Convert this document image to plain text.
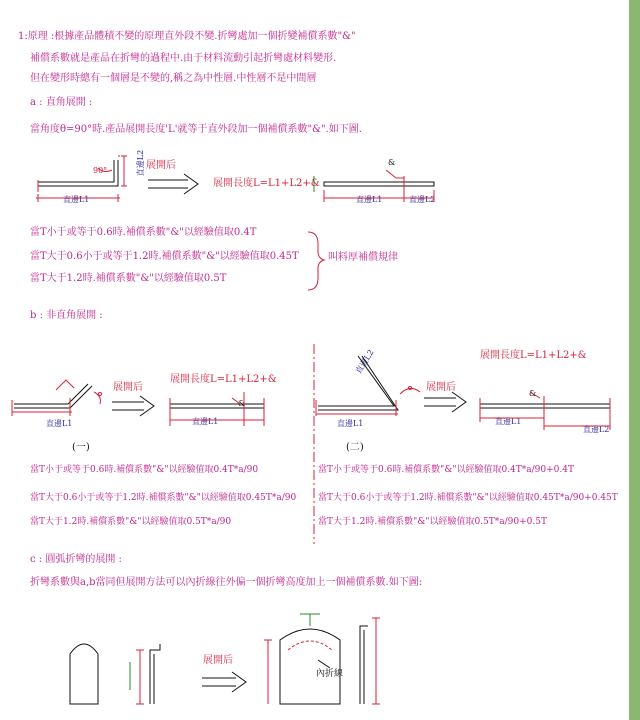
1:原理 :根據產品體積不變的原理直外段不變.折彎處加一個折變補償系數"&"
補償系數就是產品在折彎的過程中.由于材料流動引起折彎處材料變形.
但在變形時總有一個層是不變的,稱之為中性層.中性層不是中間層
a : 直角展開 :
當角度θ=90°時.產品展開長度'L'就等于直外段加一個補償系數"&".如下圖.
展開后
展開長度L=L1+L2+&
90°
直邊L1
直邊L2
直邊L1	直邊L2
&
當T小于或等于0.6時.補償系數"&"以經驗值取0.4T
當T大于0.6小于或等于1.2時.補償系數"&"以經驗值取0.45T
當T大于1.2時.補償系數"&"以經驗值取0.5T
叫料厚補償規律
b : 非直角展開 :
展開后
展開長度L=L1+L2+&
直邊L1	直邊L1
&
(一)
展開后
展開長度L=L1+L2+&
直邊L1
直邊L2
直邊L1
直邊L2
&
(二)
當T小于或等于0.6時.補償系數"&"以經驗值取0.4T*a/90
當T大于0.6小于或等于1.2時.補償系數"&"以經驗值取0.45T*a/90
當T大于1.2時.補償系數"&"以經驗值取0.5T*a/90
當T小于或等于0.6時.補償系數"&"以經驗值取0.4T*a/90+0.4T
當T大于0.6小于或等于1.2時.補償系數"&"以經驗值取0.45T*a/90+0.45T
當T大于1.2時.補償系數"&"以經驗值取0.5T*a/90+0.5T
c : 圓弧折彎的展開 :
折彎系數與a,b當同但展開方法可以內折線往外偏一個折彎高度加上一個補償系數.如下圖:
展開后
內折線
